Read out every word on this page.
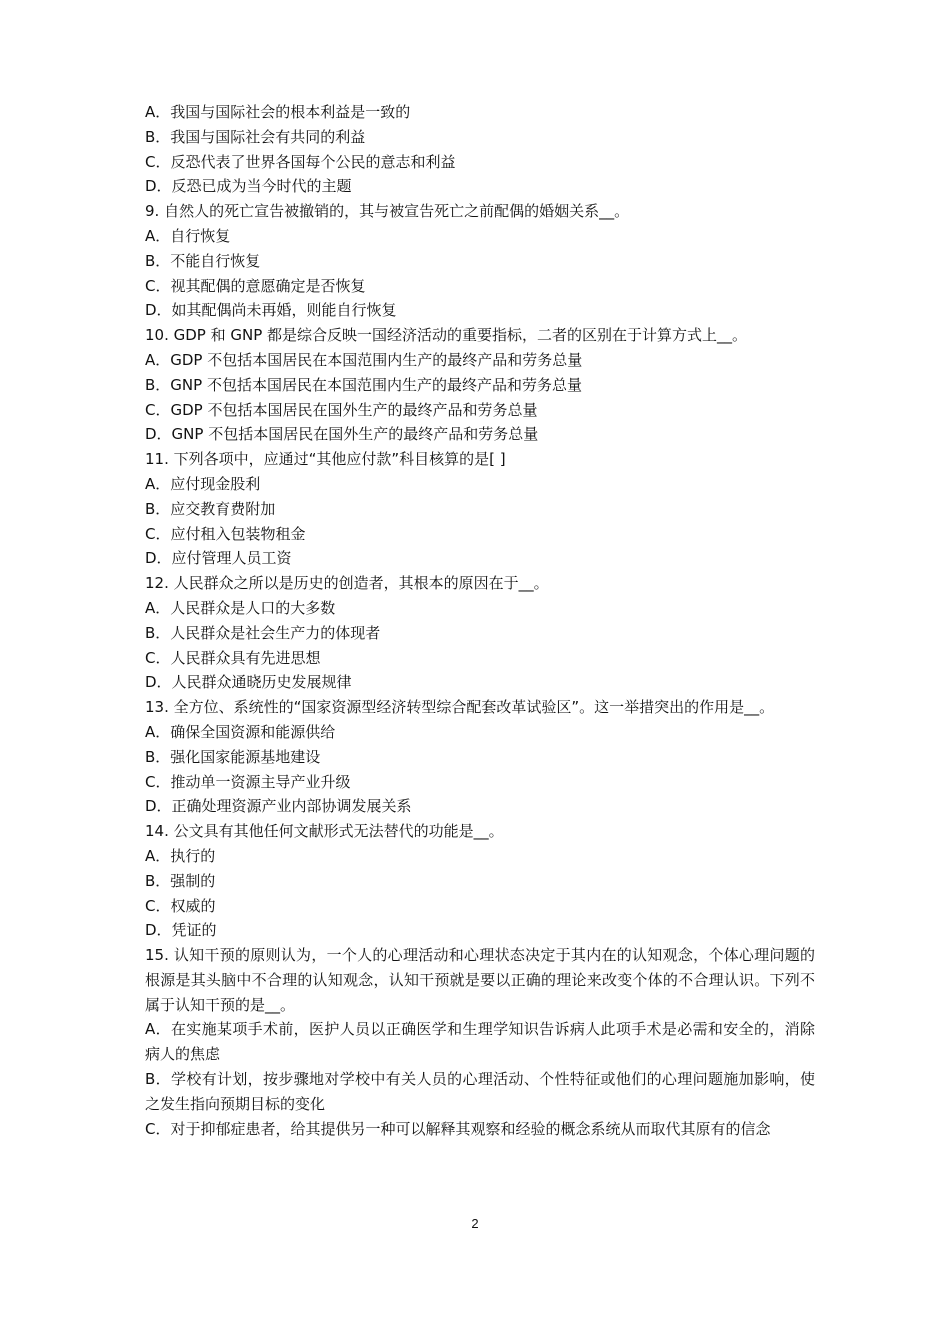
A．我国与国际社会的根本利益是一致的
B．我国与国际社会有共同的利益
C．反恐代表了世界各国每个公民的意志和利益
D．反恐已成为当今时代的主题
9. 自然人的死亡宣告被撤销的，其与被宣告死亡之前配偶的婚姻关系__。
A．自行恢复
B．不能自行恢复
C．视其配偶的意愿确定是否恢复
D．如其配偶尚未再婚，则能自行恢复
10. GDP 和 GNP 都是综合反映一国经济活动的重要指标，二者的区别在于计算方式上__。
A．GDP 不包括本国居民在本国范围内生产的最终产品和劳务总量
B．GNP 不包括本国居民在本国范围内生产的最终产品和劳务总量
C．GDP 不包括本国居民在国外生产的最终产品和劳务总量
D．GNP 不包括本国居民在国外生产的最终产品和劳务总量
11. 下列各项中，应通过“其他应付款”科目核算的是[ ]
A．应付现金股利
B．应交教育费附加
C．应付租入包装物租金
D．应付管理人员工资
12. 人民群众之所以是历史的创造者，其根本的原因在于__。
A．人民群众是人口的大多数
B．人民群众是社会生产力的体现者
C．人民群众具有先进思想
D．人民群众通晓历史发展规律
13. 全方位、系统性的“国家资源型经济转型综合配套改革试验区”。这一举措突出的作用是__。
A．确保全国资源和能源供给
B．强化国家能源基地建设
C．推动单一资源主导产业升级
D．正确处理资源产业内部协调发展关系
14. 公文具有其他任何文献形式无法替代的功能是__。
A．执行的
B．强制的
C．权威的
D．凭证的
15. 认知干预的原则认为，一个人的心理活动和心理状态决定于其内在的认知观念，个体心理问题的根源是其头脑中不合理的认知观念，认知干预就是要以正确的理论来改变个体的不合理认识。下列不属于认知干预的是__。
A．在实施某项手术前，医护人员以正确医学和生理学知识告诉病人此项手术是必需和安全的，消除病人的焦虑
B．学校有计划，按步骤地对学校中有关人员的心理活动、个性特征或他们的心理问题施加影响，使之发生指向预期目标的变化
C．对于抑郁症患者，给其提供另一种可以解释其观察和经验的概念系统从而取代其原有的信念
2
